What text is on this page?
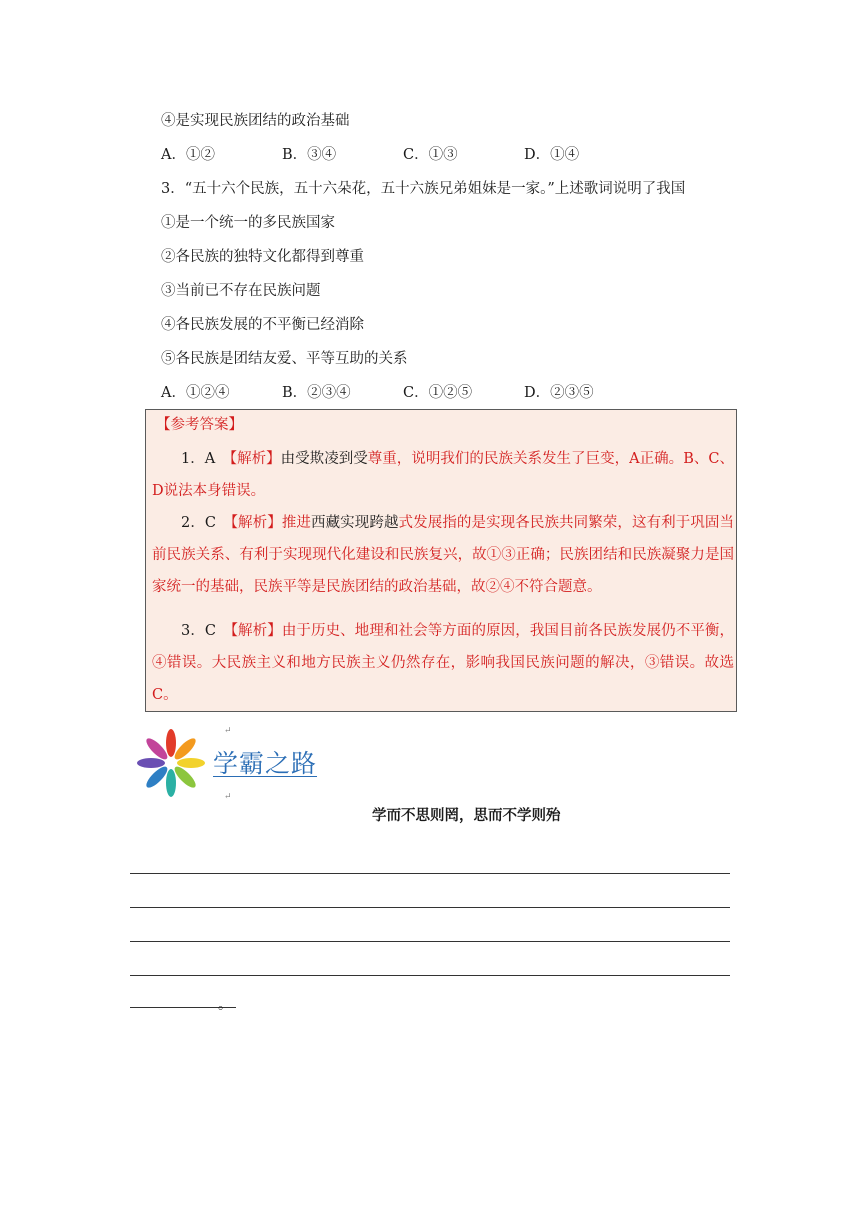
④是实现民族团结的政治基础
A．①②	B．③④	C．①③	D．①④
3．“五十六个民族，五十六朵花，五十六族兄弟姐妹是一家。”上述歌词说明了我国
①是一个统一的多民族国家
②各民族的独特文化都得到尊重
③当前已不存在民族问题
④各民族发展的不平衡已经消除
⑤各民族是团结友爱、平等互助的关系
A．①②④	B．②③④	C．①②⑤	D．②③⑤
【参考答案】
1．A　 【解析】由受欺凌到受尊重，说明我们的民族关系发生了巨变，A正确。B、C、D说法本身错误。
2．C　 【解析】推进西藏实现跨越式发展指的是实现各民族共同繁荣，这有利于巩固当前民族关系、有利于实现现代化建设和民族复兴，故①③正确；民族团结和民族凝聚力是国家统一的基础，民族平等是民族团结的政治基础，故②④不符合题意。
3．C　 【解析】由于历史、地理和社会等方面的原因，我国目前各民族发展仍不平衡，④错误。大民族主义和地方民族主义仍然存在，影响我国民族问题的解决，③错误。故选C。
学霸之路
↵
↵
学而不思则罔，思而不学则殆
。
